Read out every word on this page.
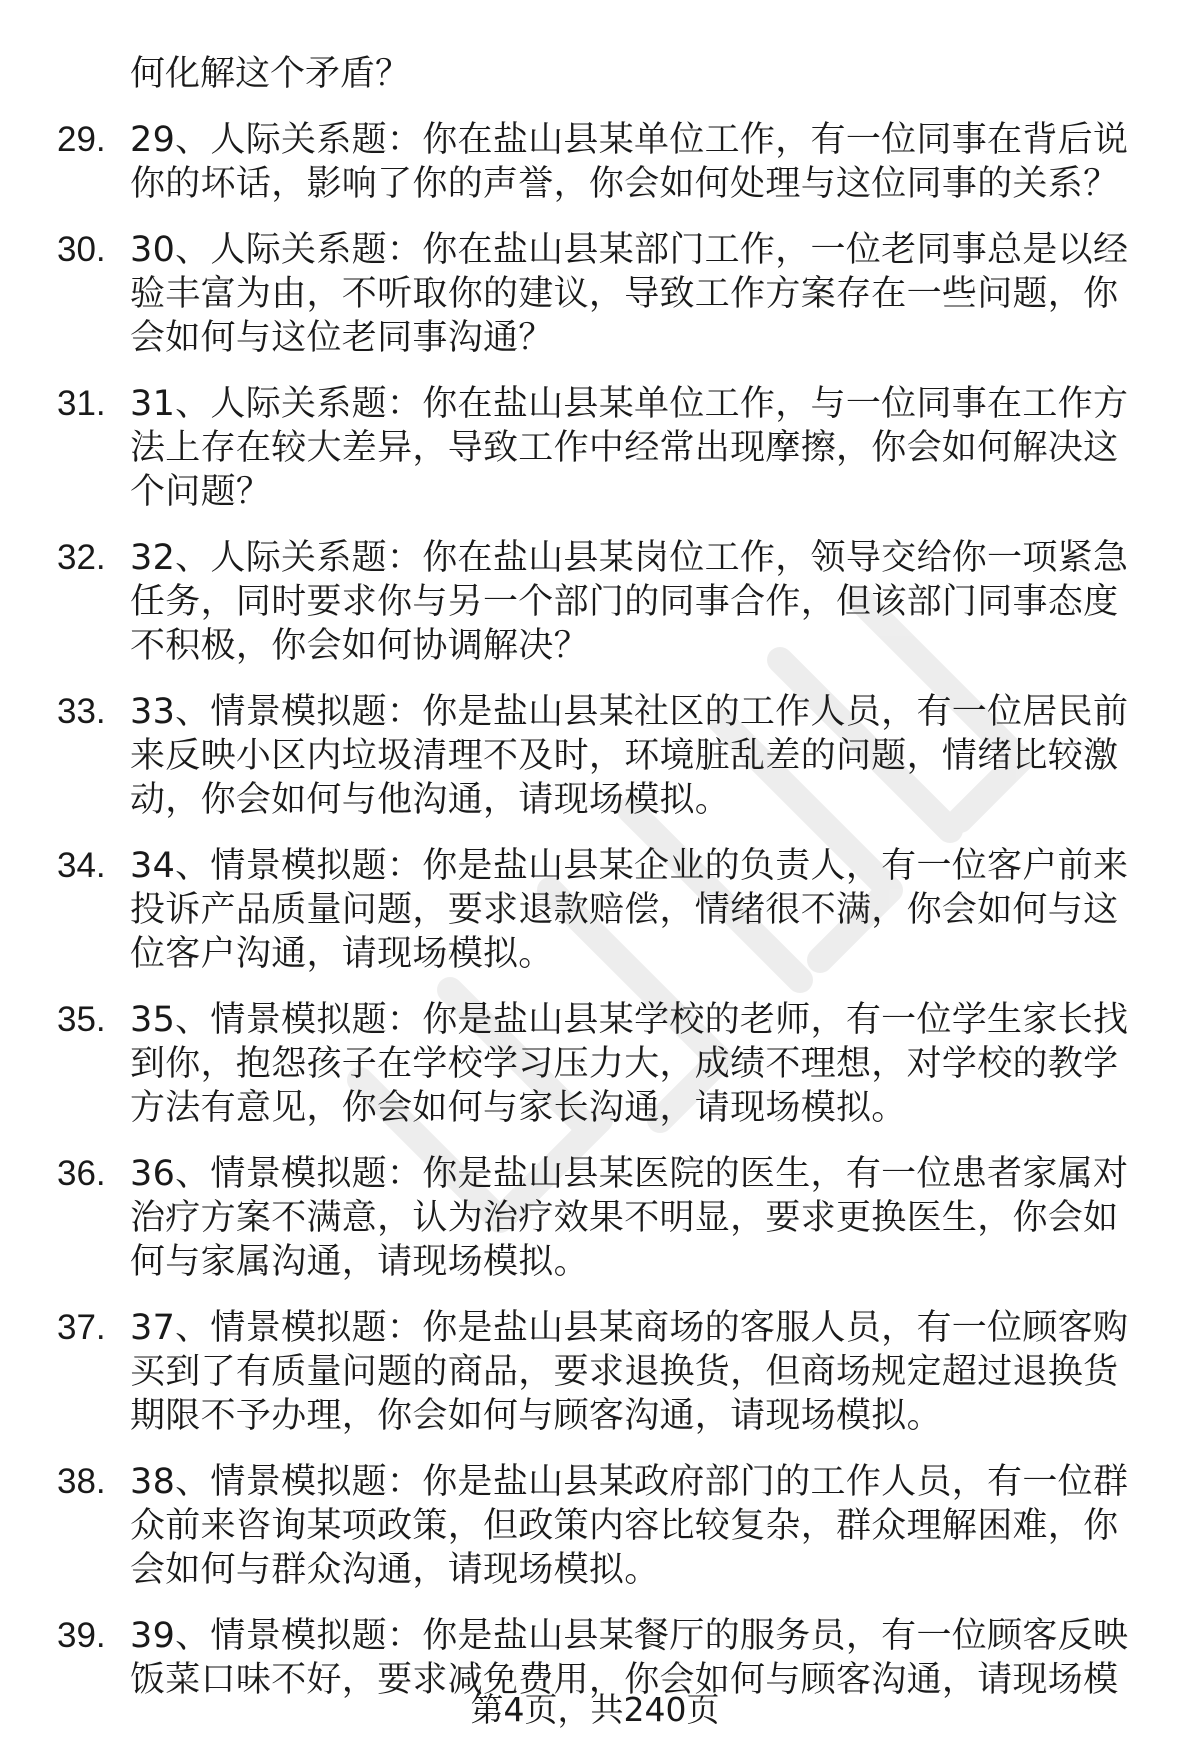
何化解这个矛盾？

29. 29、人际关系题：你在盐山县某单位工作，有一位同事在背后说你的坏话，影响了你的声誉，你会如何处理与这位同事的关系？
30. 30、人际关系题：你在盐山县某部门工作，一位老同事总是以经验丰富为由，不听取你的建议，导致工作方案存在一些问题，你会如何与这位老同事沟通？
31. 31、人际关系题：你在盐山县某单位工作，与一位同事在工作方法上存在较大差异，导致工作中经常出现摩擦，你会如何解决这个问题？
32. 32、人际关系题：你在盐山县某岗位工作，领导交给你一项紧急任务，同时要求你与另一个部门的同事合作，但该部门同事态度不积极，你会如何协调解决？
33. 33、情景模拟题：你是盐山县某社区的工作人员，有一位居民前来反映小区内垃圾清理不及时，环境脏乱差的问题，情绪比较激动，你会如何与他沟通，请现场模拟。
34. 34、情景模拟题：你是盐山县某企业的负责人，有一位客户前来投诉产品质量问题，要求退款赔偿，情绪很不满，你会如何与这位客户沟通，请现场模拟。
35. 35、情景模拟题：你是盐山县某学校的老师，有一位学生家长找到你，抱怨孩子在学校学习压力大，成绩不理想，对学校的教学方法有意见，你会如何与家长沟通，请现场模拟。
36. 36、情景模拟题：你是盐山县某医院的医生，有一位患者家属对治疗方案不满意，认为治疗效果不明显，要求更换医生，你会如何与家属沟通，请现场模拟。
37. 37、情景模拟题：你是盐山县某商场的客服人员，有一位顾客购买到了有质量问题的商品，要求退换货，但商场规定超过退换货期限不予办理，你会如何与顾客沟通，请现场模拟。
38. 38、情景模拟题：你是盐山县某政府部门的工作人员，有一位群众前来咨询某项政策，但政策内容比较复杂，群众理解困难，你会如何与群众沟通，请现场模拟。
39. 39、情景模拟题：你是盐山县某餐厅的服务员，有一位顾客反映饭菜口味不好，要求减免费用，你会如何与顾客沟通，请现场模
第4页，共240页
